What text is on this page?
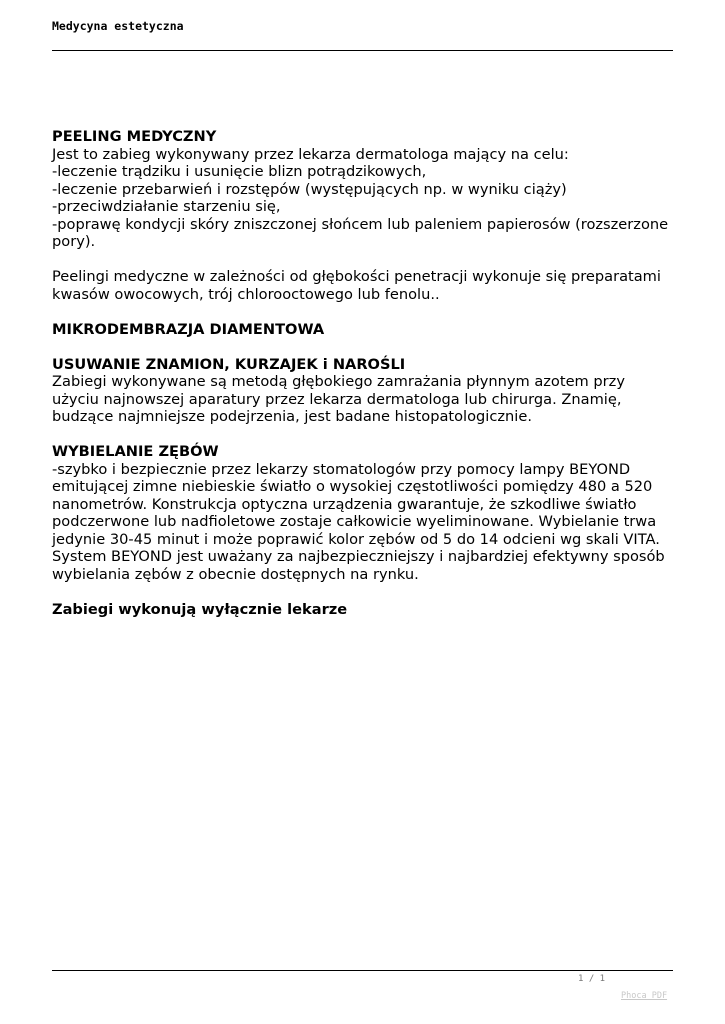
Medycyna estetyczna
PEELING MEDYCZNY

Jest to zabieg wykonywany przez lekarza dermatologa mający na celu:

-leczenie trądziku i usunięcie blizn potrądzikowych,

-leczenie przebarwień i rozstępów (występujących np. w wyniku ciąży)

-przeciwdziałanie starzeniu się,

-poprawę kondycji skóry zniszczonej słońcem lub paleniem papierosów (rozszerzone

pory).

Peelingi medyczne w zależności od głębokości penetracji wykonuje się preparatami

kwasów owocowych, trój chlorooctowego lub fenolu..

MIKRODEMBRAZJA DIAMENTOWA
USUWANIE ZNAMION, KURZAJEK i NAROŚLI

Zabiegi wykonywane są metodą głębokiego zamrażania płynnym azotem przy

użyciu najnowszej aparatury przez lekarza dermatologa lub chirurga. Znamię,

budzące najmniejsze podejrzenia, jest badane histopatologicznie.

WYBIELANIE ZĘBÓW

-szybko i bezpiecznie przez lekarzy stomatologów przy pomocy lampy BEYOND

emitującej zimne niebieskie światło o wysokiej częstotliwości pomiędzy 480 a 520

nanometrów. Konstrukcja optyczna urządzenia gwarantuje, że szkodliwe światło

podczerwone lub nadfioletowe zostaje całkowicie wyeliminowane. Wybielanie trwa

jedynie 30-45 minut i może poprawić kolor zębów od 5 do 14 odcieni wg skali VITA.

System BEYOND jest uważany za najbezpieczniejszy i najbardziej efektywny sposób

wybielania zębów z obecnie dostępnych na rynku.

Zabiegi wykonują wyłącznie lekarze
1 / 1
Phoca PDF
